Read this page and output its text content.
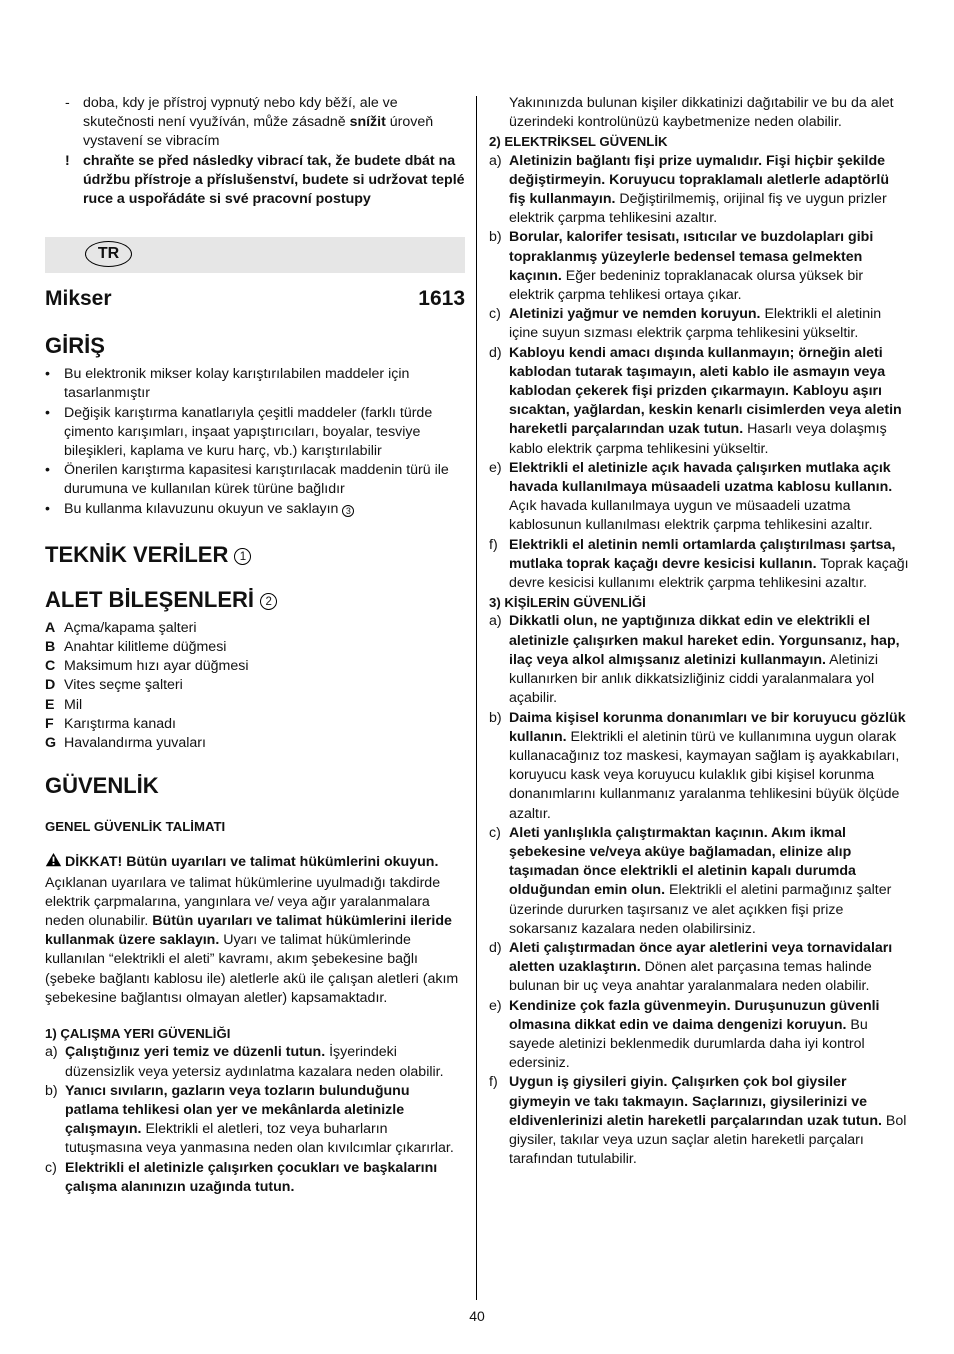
- doba, kdy je přístroj vypnutý nebo kdy běží, ale ve skutečnosti není využíván, může zásadně snížit úroveň vystavení se vibracím
! chraňte se před následky vibrací tak, že budete dbát na údržbu přístroje a příslušenství, budete si udržovat teplé ruce a uspořádáte si své pracovní postupy
TR
Mikser	1613
GİRİŞ
• Bu elektronik mikser kolay karıştırılabilen maddeler için tasarlanmıştır
• Değişik karıştırma kanatlarıyla çeşitli maddeler (farklı türde çimento karışımları, inşaat yapıştırıcıları, boyalar, tesviye bileşikleri, kaplama ve kuru harç, vb.) karıştırılabilir
• Önerilen karıştırma kapasitesi karıştırılacak maddenin türü ile durumuna ve kullanılan kürek türüne bağlıdır
• Bu kullanma kılavuzunu okuyun ve saklayın 3
TEKNİK VERİLER 1
ALET BİLEŞENLERİ 2
A Açma/kapama şalteri
B Anahtar kilitleme düğmesi
C Maksimum hızı ayar düğmesi
D Vites seçme şalteri
E Mil
F Karıştırma kanadı
G Havalandırma yuvaları
GÜVENLİK
GENEL GÜVENLİK TALİMATI
DİKKAT! Bütün uyarıları ve talimat hükümlerini okuyun. Açıklanan uyarılara ve talimat hükümlerine uyulmadığı takdirde elektrik çarpmalarına, yangınlara ve/ veya ağır yaralanmalara neden olunabilir. Bütün uyarıları ve talimat hükümlerini ileride kullanmak üzere saklayın. Uyarı ve talimat hükümlerinde kullanılan “elektrikli el aleti” kavramı, akım şebekesine bağlı (şebeke bağlantı kablosu ile) aletlerle akü ile çalışan aletleri (akım şebekesine bağlantısı olmayan aletler) kapsamaktadır.
1) ÇALIŞMA YERI GÜVENLİĞI
a) Çalıştığınız yeri temiz ve düzenli tutun. İşyerindeki düzensizlik veya yetersiz aydınlatma kazalara neden olabilir.
b) Yanıcı sıvıların, gazların veya tozların bulunduğunu patlama tehlikesi olan yer ve mekânlarda aletinizle çalışmayın. Elektrikli el aletleri, toz veya buharların tutuşmasına veya yanmasına neden olan kıvılcımlar çıkarırlar.
c) Elektrikli el aletinizle çalışırken çocukları ve başkalarını çalışma alanınızın uzağında tutun.
Yakınınızda bulunan kişiler dikkatinizi dağıtabilir ve bu da alet üzerindeki kontrolünüzü kaybetmenize neden olabilir.
2) ELEKTRİKSEL GÜVENLİK
a) Aletinizin bağlantı fişi prize uymalıdır. Fişi hiçbir şekilde değiştirmeyin. Koruyucu topraklamalı aletlerle adaptörlü fiş kullanmayın. Değiştirilmemiş, orijinal fiş ve uygun prizler elektrik çarpma tehlikesini azaltır.
b) Borular, kalorifer tesisatı, ısıtıcılar ve buzdolapları gibi topraklanmış yüzeylerle bedensel temasa gelmekten kaçının. Eğer bedeniniz topraklanacak olursa yüksek bir elektrik çarpma tehlikesi ortaya çıkar.
c) Aletinizi yağmur ve nemden koruyun. Elektrikli el aletinin içine suyun sızması elektrik çarpma tehlikesini yükseltir.
d) Kabloyu kendi amacı dışında kullanmayın; örneğin aleti kablodan tutarak taşımayın, aleti kablo ile asmayın veya kablodan çekerek fişi prizden çıkarmayın. Kabloyu aşırı sıcaktan, yağlardan, keskin kenarlı cisimlerden veya aletin hareketli parçalarından uzak tutun. Hasarlı veya dolaşmış kablo elektrik çarpma tehlikesini yükseltir.
e) Elektrikli el aletinizle açık havada çalışırken mutlaka açık havada kullanılmaya müsaadeli uzatma kablosu kullanın. Açık havada kullanılmaya uygun ve müsaadeli uzatma kablosunun kullanılması elektrik çarpma tehlikesini azaltır.
f) Elektrikli el aletinin nemli ortamlarda çalıştırılması şartsa, mutlaka toprak kaçağı devre kesicisi kullanın. Toprak kaçağı devre kesicisi kullanımı elektrik çarpma tehlikesini azaltır.
3) KİŞİLERİN GÜVENLİĞİ
a) Dikkatli olun, ne yaptığınıza dikkat edin ve elektrikli el aletinizle çalışırken makul hareket edin. Yorgunsanız, hap, ilaç veya alkol almışsanız aletinizi kullanmayın. Aletinizi kullanırken bir anlık dikkatsizliğiniz ciddi yaralanmalara yol açabilir.
b) Daima kişisel korunma donanımları ve bir koruyucu gözlük kullanın. Elektrikli el aletinin türü ve kullanımına uygun olarak kullanacağınız toz maskesi, kaymayan sağlam iş ayakkabıları, koruyucu kask veya koruyucu kulaklık gibi kişisel korunma donanımlarını kullanmanız yaralanma tehlikesini büyük ölçüde azaltır.
c) Aleti yanlışlıkla çalıştırmaktan kaçının. Akım ikmal şebekesine ve/veya aküye bağlamadan, elinize alıp taşımadan önce elektrikli el aletinin kapalı durumda olduğundan emin olun. Elektrikli el aletini parmağınız şalter üzerinde dururken taşırsanız ve alet açıkken fişi prize sokarsanız kazalara neden olabilirsiniz.
d) Aleti çalıştırmadan önce ayar aletlerini veya tornavidaları aletten uzaklaştırın. Dönen alet parçasına temas halinde bulunan bir uç veya anahtar yaralanmalara neden olabilir.
e) Kendinize çok fazla güvenmeyin. Duruşunuzun güvenli olmasına dikkat edin ve daima dengenizi koruyun. Bu sayede aletinizi beklenmedik durumlarda daha iyi kontrol edersiniz.
f) Uygun iş giysileri giyin. Çalışırken çok bol giysiler giymeyin ve takı takmayın. Saçlarınızı, giysilerinizi ve eldivenlerinizi aletin hareketli parçalarından uzak tutun. Bol giysiler, takılar veya uzun saçlar aletin hareketli parçaları tarafından tutulabilir.
40
